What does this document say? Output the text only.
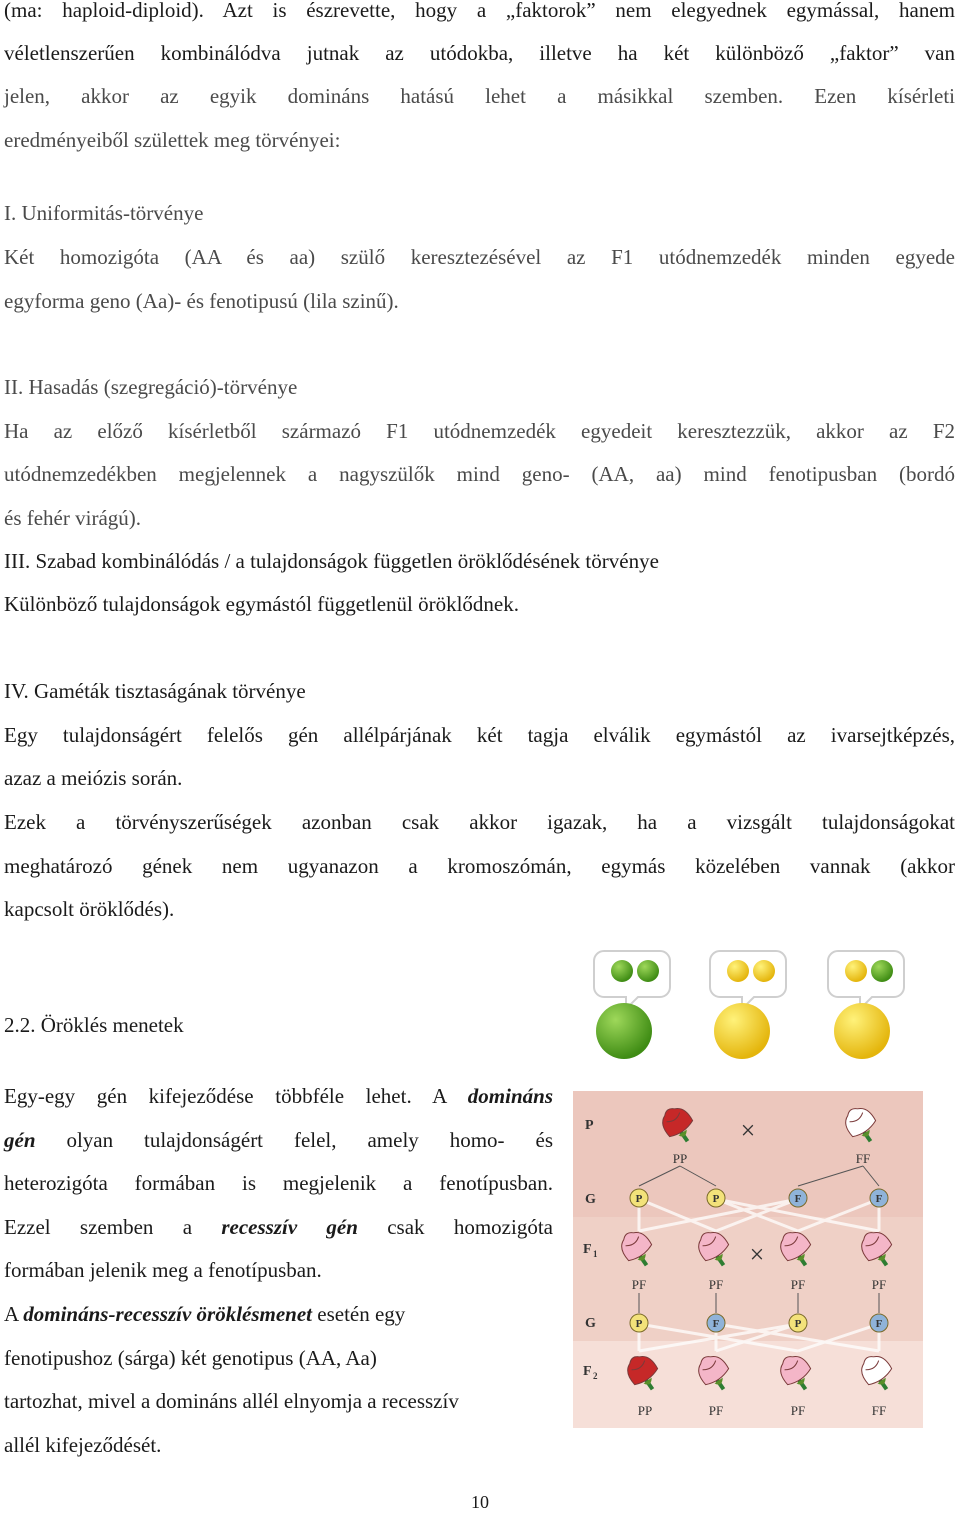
(ma: haploid-diploid). Azt is észrevette, hogy a „faktorok” nem elegyednek egymással, hanem

véletlenszerűen kombinálódva jutnak az utódokba, illetve ha két különböző „faktor” van

jelen, akkor az egyik domináns hatású lehet a másikkal szemben. Ezen kísérleti

eredményeiből születtek meg törvényei:

I. Uniformitás-törvénye

Két homozigóta (AA és aa) szülő keresztezésével az F1 utódnemzedék minden egyede

egyforma geno (Aa)- és fenotipusú (lila szinű).

II. Hasadás (szegregáció)-törvénye

Ha az előző kísérletből származó F1 utódnemzedék egyedeit keresztezzük, akkor az F2

utódnemzedékben megjelennek a nagyszülők mind geno- (AA, aa) mind fenotipusban (bordó

és fehér virágú).

III. Szabad kombinálódás / a tulajdonságok független öröklődésének törvénye

Különböző tulajdonságok egymástól függetlenül öröklődnek.

IV. Gaméták tisztaságának törvénye

Egy tulajdonságért felelős gén allélpárjának két tagja elválik egymástól az ivarsejtképzés,

azaz a meiózis során.

Ezek a törvényszerűségek azonban csak akkor igazak, ha a vizsgált tulajdonságokat

meghatározó gének nem ugyanazon a kromoszómán, egymás közelében vannak (akkor

kapcsolt öröklődés).

2.2. Öröklés menetek

Egy-egy gén kifejeződése többféle lehet. A domináns

gén olyan tulajdonságért felel, amely homo- és

heterozigóta formában is megjelenik a fenotípusban.

Ezzel szemben a recesszív gén csak homozigóta

formában jelenik meg a fenotípusban.

A domináns-recesszív öröklésmenet esetén egy

fenotipushoz (sárga) két genotipus (AA, Aa)

tartozhat, mivel a domináns allél elnyomja a recesszív

allél kifejeződését.

P
G
F 1
G
F 2
×
×
PP	FF
P	P	F	F
PF	PF	PF	PF
P	F	P	F
PP	PF	PF	FF
10
